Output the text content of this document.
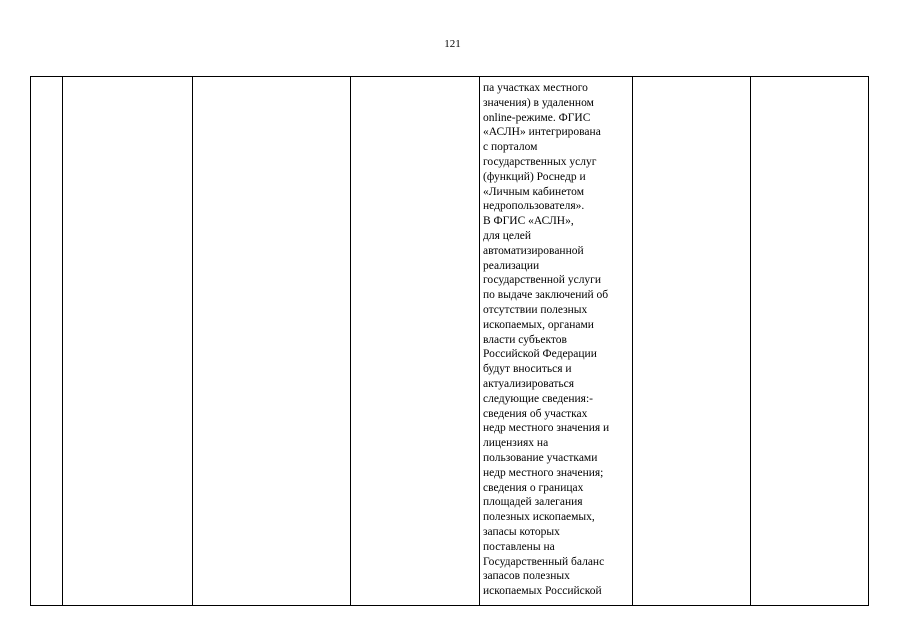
121

па участках местного
значения) в удаленном
online-режиме. ФГИС
«АСЛН» интегрирована
с порталом
государственных услуг
(функций) Роснедр и
«Личным кабинетом
недропользователя».
В ФГИС «АСЛН»,
для целей
автоматизированной
реализации
государственной услуги
по выдаче заключений об
отсутствии полезных
ископаемых, органами
власти субъектов
Российской Федерации
будут вноситься и
актуализироваться
следующие сведения:-
сведения об участках
недр местного значения и
лицензиях на
пользование участками
недр местного значения;
сведения о границах
площадей залегания
полезных ископаемых,
запасы которых
поставлены на
Государственный баланс
запасов полезных
ископаемых Российской
